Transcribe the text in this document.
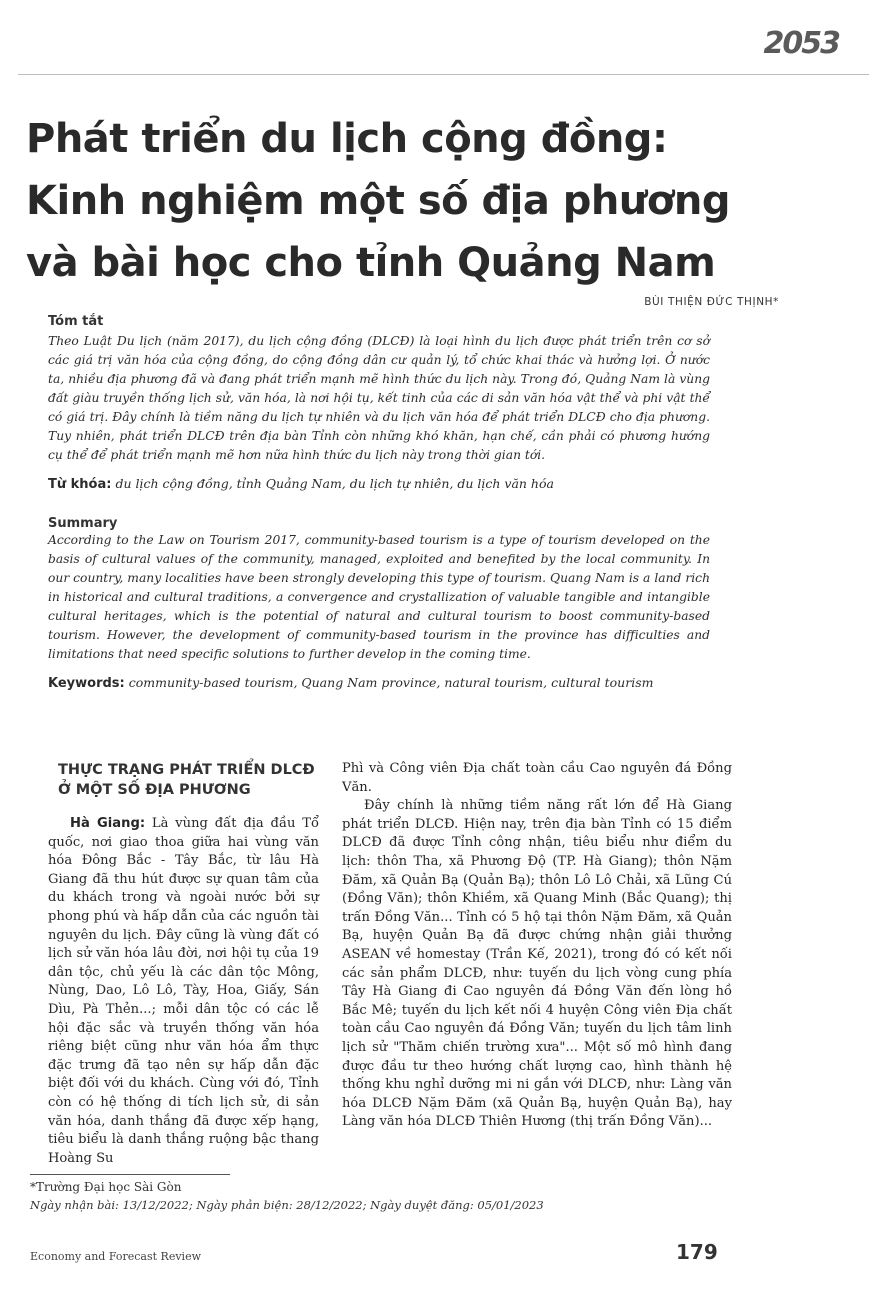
2053
Phát triển du lịch cộng đồng:
Kinh nghiệm một số địa phương
và bài học cho tỉnh Quảng Nam
BÙI THIỆN ĐỨC THỊNH*

Tóm tắt

Theo Luật Du lịch (năm 2017), du lịch cộng đồng (DLCĐ) là loại hình du lịch được phát triển trên cơ sở các giá trị văn hóa của cộng đồng, do cộng đồng dân cư quản lý, tổ chức khai thác và hưởng lợi. Ở nước ta, nhiều địa phương đã và đang phát triển mạnh mẽ hình thức du lịch này. Trong đó, Quảng Nam là vùng đất giàu truyền thống lịch sử, văn hóa, là nơi hội tụ, kết tinh của các di sản văn hóa vật thể và phi vật thể có giá trị. Đây chính là tiềm năng du lịch tự nhiên và du lịch văn hóa để phát triển DLCĐ cho địa phương. Tuy nhiên, phát triển DLCĐ trên địa bàn Tỉnh còn những khó khăn, hạn chế, cần phải có phương hướng cụ thể để phát triển mạnh mẽ hơn nữa hình thức du lịch này trong thời gian tới.

Từ khóa: du lịch cộng đồng, tỉnh Quảng Nam, du lịch tự nhiên, du lịch văn hóa

Summary

According to the Law on Tourism 2017, community-based tourism is a type of tourism developed on the basis of cultural values of the community, managed, exploited and benefited by the local community. In our country, many localities have been strongly developing this type of tourism. Quang Nam is a land rich in historical and cultural traditions, a convergence and crystallization of valuable tangible and intangible cultural heritages, which is the potential of natural and cultural tourism to boost community-based tourism. However, the development of community-based tourism in the province has difficulties and limitations that need specific solutions to further develop in the coming time.

Keywords: community-based tourism, Quang Nam province, natural tourism, cultural tourism

THỰC TRẠNG PHÁT TRIỂN DLCĐ
Ở MỘT SỐ ĐỊA PHƯƠNG

Hà Giang: Là vùng đất địa đầu Tổ quốc, nơi giao thoa giữa hai vùng văn hóa Đông Bắc - Tây Bắc, từ lâu Hà Giang đã thu hút được sự quan tâm của du khách trong và ngoài nước bởi sự phong phú và hấp dẫn của các nguồn tài nguyên du lịch. Đây cũng là vùng đất có lịch sử văn hóa lâu đời, nơi hội tụ của 19 dân tộc, chủ yếu là các dân tộc Mông, Nùng, Dao, Lô Lô, Tày, Hoa, Giấy, Sán Dìu, Pà Thẻn...; mỗi dân tộc có các lễ hội đặc sắc và truyền thống văn hóa riêng biệt cũng như văn hóa ẩm thực đặc trưng đã tạo nên sự hấp dẫn đặc biệt đối với du khách. Cùng với đó, Tỉnh còn có hệ thống di tích lịch sử, di sản văn hóa, danh thắng đã được xếp hạng, tiêu biểu là danh thắng ruộng bậc thang Hoàng Su

Phì và Công viên Địa chất toàn cầu Cao nguyên đá Đồng Văn.

Đây chính là những tiềm năng rất lớn để Hà Giang phát triển DLCĐ. Hiện nay, trên địa bàn Tỉnh có 15 điểm DLCĐ đã được Tỉnh công nhận, tiêu biểu như điểm du lịch: thôn Tha, xã Phương Độ (TP. Hà Giang); thôn Nặm Đăm, xã Quản Bạ (Quản Bạ); thôn Lô Lô Chải, xã Lũng Cú (Đồng Văn); thôn Khiềm, xã Quang Minh (Bắc Quang); thị trấn Đồng Văn... Tỉnh có 5 hộ tại thôn Nặm Đăm, xã Quản Bạ, huyện Quản Bạ đã được chứng nhận giải thưởng ASEAN về homestay (Trần Kế, 2021), trong đó có kết nối các sản phẩm DLCĐ, như: tuyến du lịch vòng cung phía Tây Hà Giang đi Cao nguyên đá Đồng Văn đến lòng hồ Bắc Mê; tuyến du lịch kết nối 4 huyện Công viên Địa chất toàn cầu Cao nguyên đá Đồng Văn; tuyến du lịch tâm linh lịch sử "Thăm chiến trường xưa"... Một số mô hình đang được đầu tư theo hướng chất lượng cao, hình thành hệ thống khu nghỉ dưỡng mi ni gắn với DLCĐ, như: Làng văn hóa DLCĐ Nặm Đăm (xã Quản Bạ, huyện Quản Bạ), hay Làng văn hóa DLCĐ Thiên Hương (thị trấn Đồng Văn)...

*Trường Đại học Sài Gòn
Ngày nhận bài: 13/12/2022; Ngày phản biện: 28/12/2022; Ngày duyệt đăng: 05/01/2023
Economy and Forecast Review	179
